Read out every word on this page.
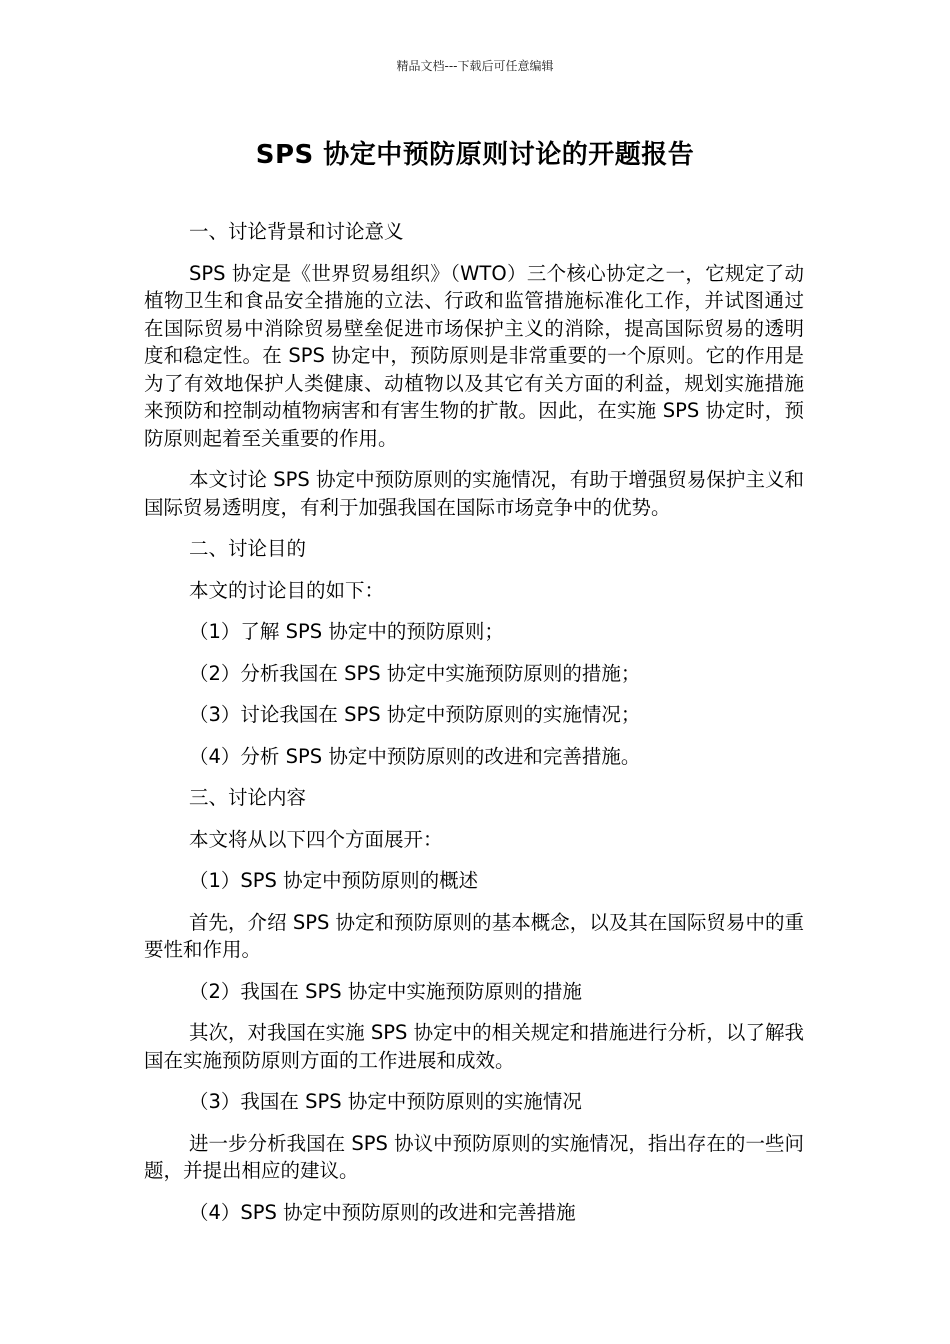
精品文档---下载后可任意编辑
SPS 协定中预防原则讨论的开题报告
一、讨论背景和讨论意义
SPS 协定是《世界贸易组织》（WTO）三个核心协定之一，它规定了动植物卫生和食品安全措施的立法、行政和监管措施标准化工作，并试图通过在国际贸易中消除贸易壁垒促进市场保护主义的消除，提高国际贸易的透明度和稳定性。在 SPS 协定中，预防原则是非常重要的一个原则。它的作用是为了有效地保护人类健康、动植物以及其它有关方面的利益，规划实施措施来预防和控制动植物病害和有害生物的扩散。因此，在实施 SPS 协定时，预防原则起着至关重要的作用。
本文讨论 SPS 协定中预防原则的实施情况，有助于增强贸易保护主义和国际贸易透明度，有利于加强我国在国际市场竞争中的优势。
二、讨论目的
本文的讨论目的如下：
（1）了解 SPS 协定中的预防原则；
（2）分析我国在 SPS 协定中实施预防原则的措施；
（3）讨论我国在 SPS 协定中预防原则的实施情况；
（4）分析 SPS 协定中预防原则的改进和完善措施。
三、讨论内容
本文将从以下四个方面展开：
（1）SPS 协定中预防原则的概述
首先，介绍 SPS 协定和预防原则的基本概念，以及其在国际贸易中的重要性和作用。
（2）我国在 SPS 协定中实施预防原则的措施
其次，对我国在实施 SPS 协定中的相关规定和措施进行分析，以了解我国在实施预防原则方面的工作进展和成效。
（3）我国在 SPS 协定中预防原则的实施情况
进一步分析我国在 SPS 协议中预防原则的实施情况，指出存在的一些问题，并提出相应的建议。
（4）SPS 协定中预防原则的改进和完善措施
